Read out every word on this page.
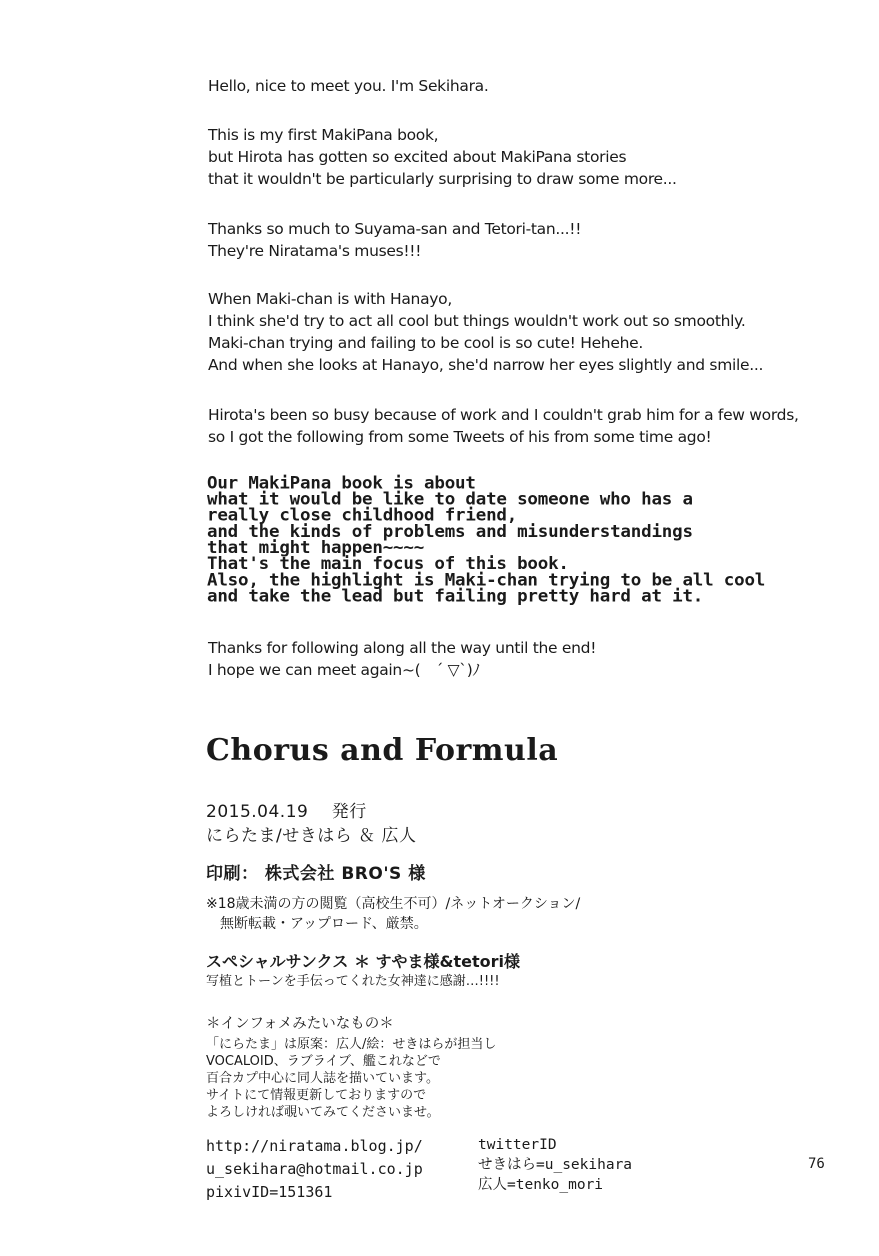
Hello, nice to meet you. I'm Sekihara.

This is my first MakiPana book,

but Hirota has gotten so excited about MakiPana stories

that it wouldn't be particularly surprising to draw some more...

Thanks so much to Suyama-san and Tetori-tan...!!

They're Niratama's muses!!!

When Maki-chan is with Hanayo,

I think she'd try to act all cool but things wouldn't work out so smoothly.

Maki-chan trying and failing to be cool is so cute! Hehehe.

And when she looks at Hanayo, she'd narrow her eyes slightly and smile...

Hirota's been so busy because of work and I couldn't grab him for a few words,

so I got the following from some Tweets of his from some time ago!

Our MakiPana book is about

what it would be like to date someone who has a

really close childhood friend,

and the kinds of problems and misunderstandings

that might happen~~~~

That's the main focus of this book.

Also, the highlight is Maki-chan trying to be all cool

and take the lead but failing pretty hard at it.

Thanks for following along all the way until the end!

I hope we can meet again~(　´ ▽`)ﾉ

Chorus and Formula

2015.04.19　 発行

にらたま/せきはら ＆ 広人

印刷： 株式会社 BRO'S 様

※18歳未満の方の閲覧（高校生不可）/ネットオークション/

　無断転載・アップロード、厳禁。

スペシャルサンクス ＊ すやま様&tetori様

写植とトーンを手伝ってくれた女神達に感謝…!!!!

＊インフォメみたいなもの＊

「にらたま」は原案：広人/絵：せきはらが担当し

VOCALOID、ラブライブ、艦これなどで

百合カプ中心に同人誌を描いています。

サイトにて情報更新しておりますので

よろしければ覗いてみてくださいませ。

http://niratama.blog.jp/

u_sekihara@hotmail.co.jp

pixivID=151361

twitterID

せきはら=u_sekihara

広人=tenko_mori

76
